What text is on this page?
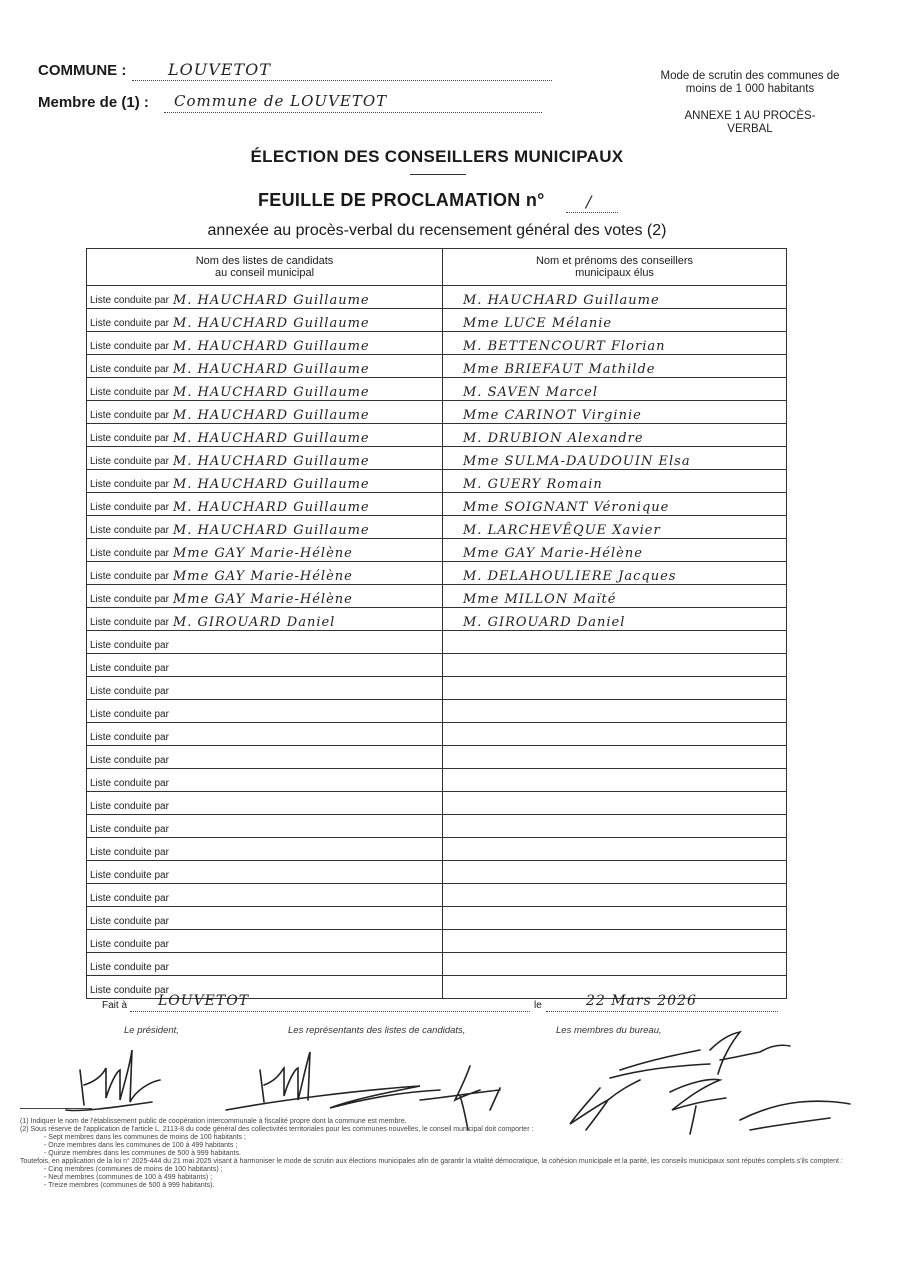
COMMUNE :	LOUVETOT
Membre de (1) : Commune de LOUVETOT
Mode de scrutin des communes de moins de 1 000 habitants
ANNEXE 1 AU PROCÈS-VERBAL
ÉLECTION DES CONSEILLERS MUNICIPAUX
FEUILLE DE PROCLAMATION n°	/
annexée au procès-verbal du recensement général des votes (2)
Nom des listes de candidats au conseil municipal	Nom et prénoms des conseillers municipaux élus

Liste conduite par M. HAUCHARD Guillaume	M. HAUCHARD Guillaume

Liste conduite par M. HAUCHARD Guillaume	Mme LUCE Mélanie

Liste conduite par M. HAUCHARD Guillaume	M. BETTENCOURT Florian

Liste conduite par M. HAUCHARD Guillaume	Mme BRIEFAUT Mathilde

Liste conduite par M. HAUCHARD Guillaume	M. SAVEN Marcel

Liste conduite par M. HAUCHARD Guillaume	Mme CARINOT Virginie

Liste conduite par M. HAUCHARD Guillaume	M. DRUBION Alexandre

Liste conduite par M. HAUCHARD Guillaume	Mme SULMA-DAUDOUIN Elsa

Liste conduite par M. HAUCHARD Guillaume	M. GUERY Romain

Liste conduite par M. HAUCHARD Guillaume	Mme SOIGNANT Véronique

Liste conduite par M. HAUCHARD Guillaume	M. LARCHEVÊQUE Xavier

Liste conduite par Mme GAY Marie-Hélène	Mme GAY Marie-Hélène

Liste conduite par Mme GAY Marie-Hélène	M. DELAHOULIERE Jacques

Liste conduite par Mme GAY Marie-Hélène	Mme MILLON Maïté

Liste conduite par M. GIROUARD Daniel	M. GIROUARD Daniel

Liste conduite par	

Liste conduite par	

Liste conduite par	

Liste conduite par	

Liste conduite par	

Liste conduite par	

Liste conduite par	

Liste conduite par	

Liste conduite par	

Liste conduite par	

Liste conduite par	

Liste conduite par	

Liste conduite par	

Liste conduite par	

Liste conduite par	

Liste conduite par	

Fait à LOUVETOT	le	22 Mars 2026
Le président,	Les représentants des listes de candidats,	Les membres du bureau,
(1) Indiquer le nom de l'établissement public de coopération intercommunale à fiscalité propre dont la commune est membre.
(2) Sous réserve de l'application de l'article L. 2113-8 du code général des collectivités territoriales pour les communes nouvelles, le conseil municipal doit comporter :
- Sept membres dans les communes de moins de 100 habitants ;
- Onze membres dans les communes de 100 à 499 habitants ;
- Quinze membres dans les communes de 500 à 999 habitants.
Toutefois, en application de la loi n° 2025-444 du 21 mai 2025 visant à harmoniser le mode de scrutin aux élections municipales afin de garantir la vitalité démocratique, la cohésion municipale et la parité, les conseils municipaux sont réputés complets s'ils comptent :
- Cinq membres (communes de moins de 100 habitants) ;
- Neuf membres (communes de 100 à 499 habitants) ;
- Treize membres (communes de 500 à 999 habitants).
